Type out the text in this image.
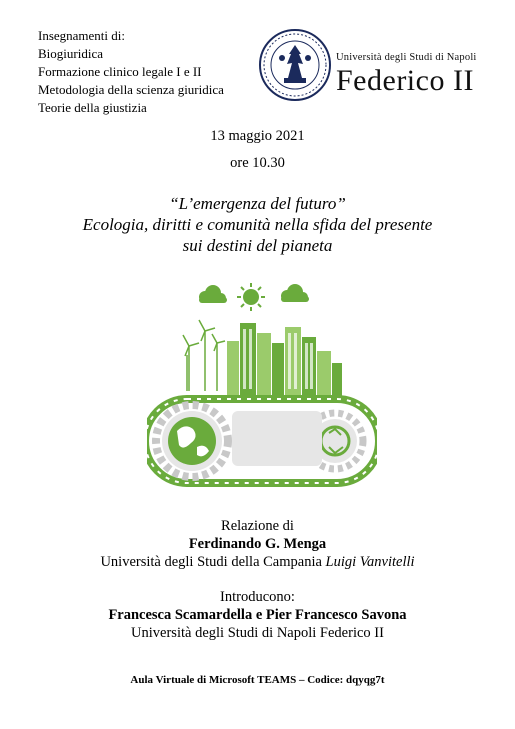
Insegnamenti di:
Biogiuridica
Formazione clinico legale I e II
Metodologia della scienza giuridica
Teorie della giustizia
Università degli Studi di Napoli
Federico II
13 maggio 2021
ore 10.30
“L’emergenza del futuro”
Ecologia, diritti e comunità nella sfida del presente
sui destini del pianeta
Relazione di
Ferdinando G. Menga
Università degli Studi della Campania Luigi Vanvitelli
Introducono:
Francesca Scamardella e Pier Francesco Savona
Università degli Studi di Napoli Federico II
Aula Virtuale di Microsoft TEAMS – Codice: dqyqg7t
